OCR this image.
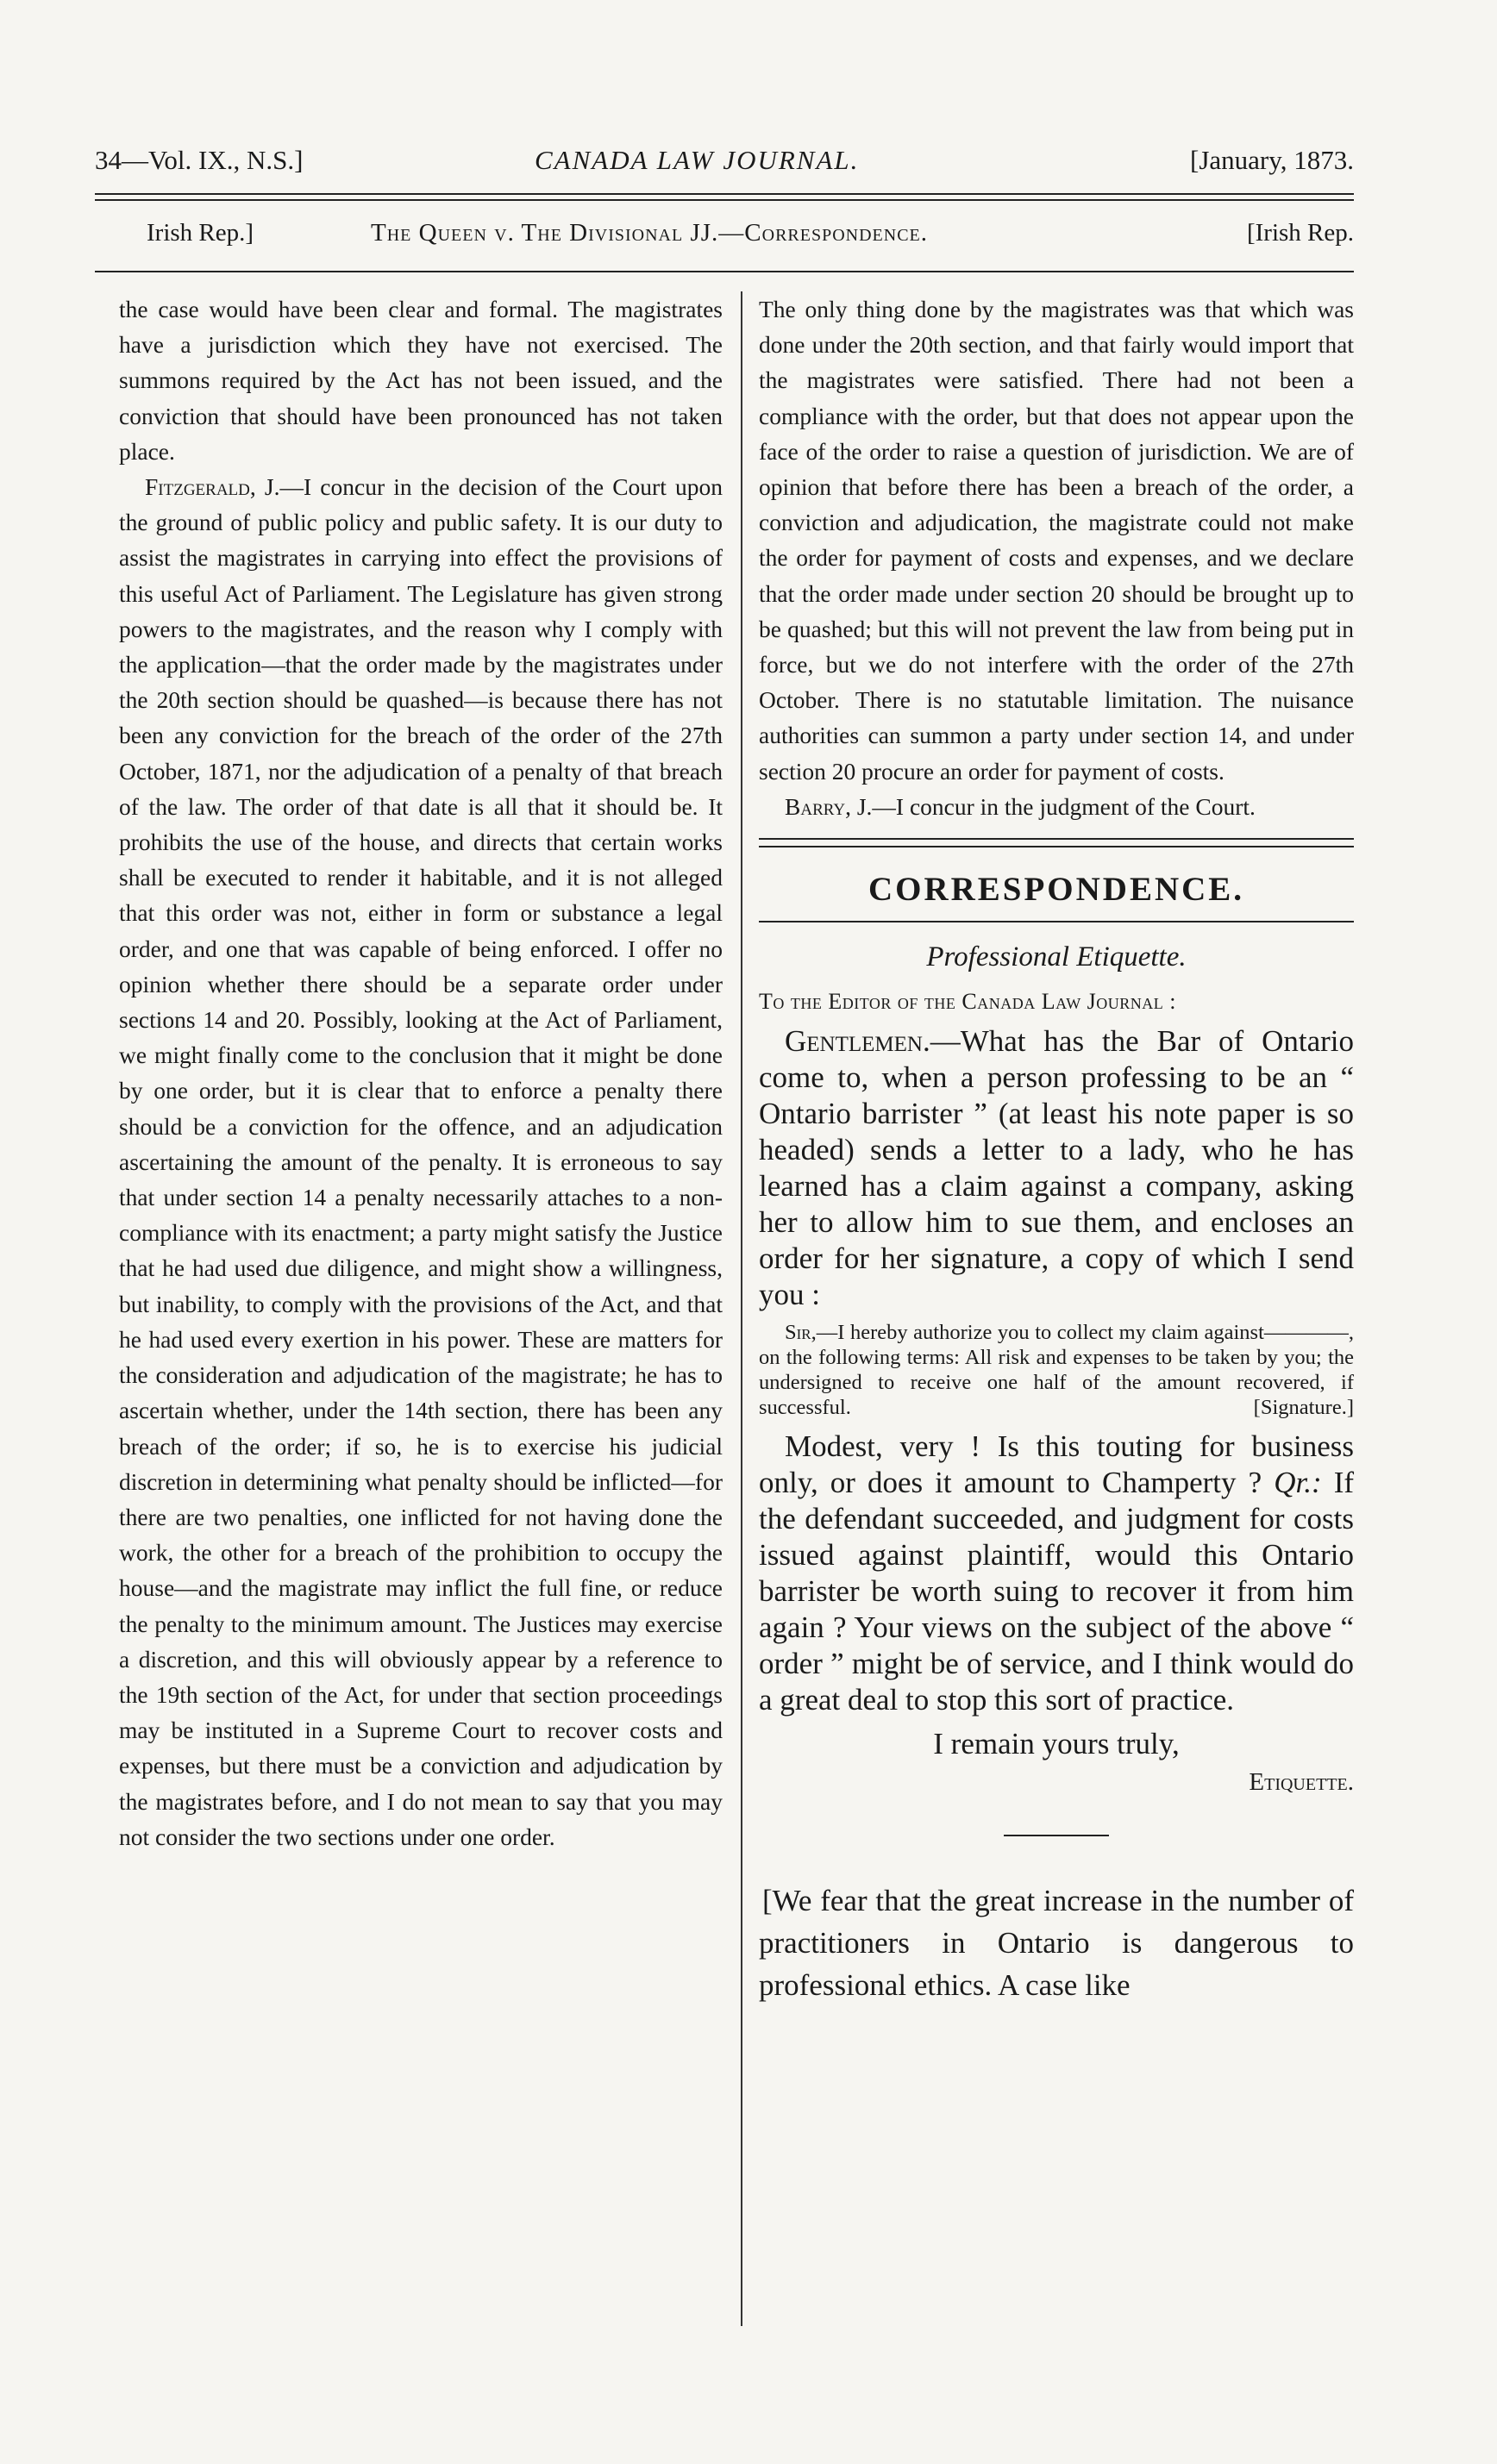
34—Vol. IX., N.S.]	CANADA LAW JOURNAL.	[January, 1873.
Irish Rep.]	The Queen v. The Divisional JJ.—Correspondence.	[Irish Rep.

the case would have been clear and formal. The magistrates have a jurisdiction which they have not exercised. The summons required by the Act has not been issued, and the conviction that should have been pronounced has not taken place.

Fitzgerald, J.—I concur in the decision of the Court upon the ground of public policy and public safety. It is our duty to assist the magistrates in carrying into effect the provisions of this useful Act of Parliament. The Legislature has given strong powers to the magistrates, and the reason why I comply with the application—that the order made by the magistrates under the 20th section should be quashed—is because there has not been any conviction for the breach of the order of the 27th October, 1871, nor the adjudication of a penalty of that breach of the law. The order of that date is all that it should be. It prohibits the use of the house, and directs that certain works shall be executed to render it habitable, and it is not alleged that this order was not, either in form or substance a legal order, and one that was capable of being enforced. I offer no opinion whether there should be a separate order under sections 14 and 20. Possibly, looking at the Act of Parliament, we might finally come to the conclusion that it might be done by one order, but it is clear that to enforce a penalty there should be a conviction for the offence, and an adjudication ascertaining the amount of the penalty. It is erroneous to say that under section 14 a penalty necessarily attaches to a non-compliance with its enactment; a party might satisfy the Justice that he had used due diligence, and might show a willingness, but inability, to comply with the provisions of the Act, and that he had used every exertion in his power. These are matters for the consideration and adjudication of the magistrate; he has to ascertain whether, under the 14th section, there has been any breach of the order; if so, he is to exercise his judicial discretion in determining what penalty should be inflicted—for there are two penalties, one inflicted for not having done the work, the other for a breach of the prohibition to occupy the house—and the magistrate may inflict the full fine, or reduce the penalty to the minimum amount. The Justices may exercise a discretion, and this will obviously appear by a reference to the 19th section of the Act, for under that section proceedings may be instituted in a Supreme Court to recover costs and expenses, but there must be a conviction and adjudication by the magistrates before, and I do not mean to say that you may not consider the two sections under one order.

The only thing done by the magistrates was that which was done under the 20th section, and that fairly would import that the magistrates were satisfied. There had not been a compliance with the order, but that does not appear upon the face of the order to raise a question of jurisdiction. We are of opinion that before there has been a breach of the order, a conviction and adjudication, the magistrate could not make the order for payment of costs and expenses, and we declare that the order made under section 20 should be brought up to be quashed; but this will not prevent the law from being put in force, but we do not interfere with the order of the 27th October. There is no statutable limitation. The nuisance authorities can summon a party under section 14, and under section 20 procure an order for payment of costs.

Barry, J.—I concur in the judgment of the Court.

CORRESPONDENCE.
Professional Etiquette.
To the Editor of the Canada Law Journal :

Gentlemen.—What has the Bar of Ontario come to, when a person professing to be an “ Ontario barrister ” (at least his note paper is so headed) sends a letter to a lady, who he has learned has a claim against a company, asking her to allow him to sue them, and encloses an order for her signature, a copy of which I send you :

Sir,—I hereby authorize you to collect my claim against————, on the following terms: All risk and expenses to be taken by you; the undersigned to receive one half of the amount recovered, if successful.	[Signature.]

Modest, very ! Is this touting for business only, or does it amount to Champerty ? Qr.: If the defendant succeeded, and judgment for costs issued against plaintiff, would this Ontario barrister be worth suing to recover it from him again ? Your views on the subject of the above “ order ” might be of service, and I think would do a great deal to stop this sort of practice.

I remain yours truly,
Etiquette.

[We fear that the great increase in the number of practitioners in Ontario is dangerous to professional ethics. A case like
